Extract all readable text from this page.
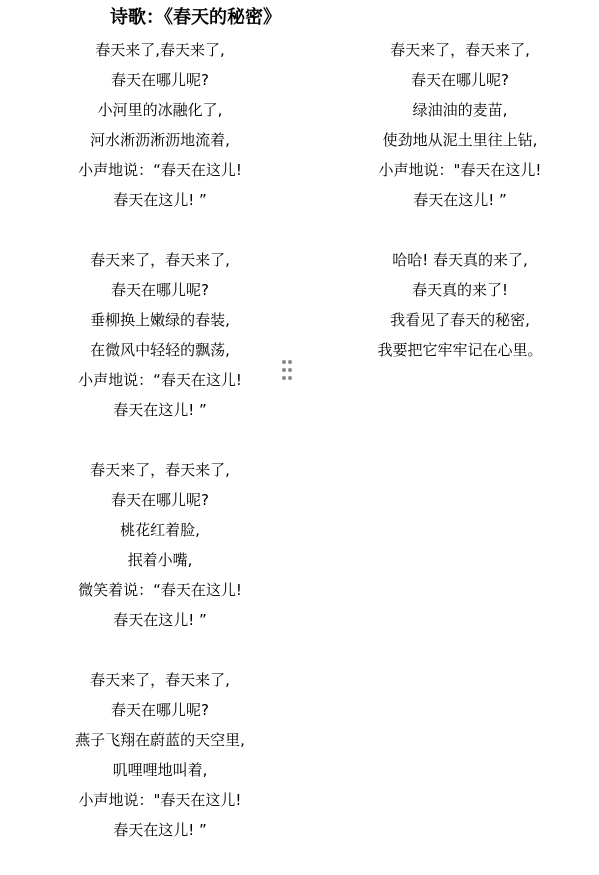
诗歌：《春天的秘密》
春天来了,春天来了,
春天在哪儿呢?
小河里的冰融化了,
河水淅沥淅沥地流着,
小声地说：“春天在这儿!
春天在这儿! ”
春天来了，春天来了,
春天在哪儿呢?
垂柳换上嫩绿的春装,
在微风中轻轻的飘荡,
小声地说：“春天在这儿!
春天在这儿! ”
春天来了，春天来了,
春天在哪儿呢?
桃花红着脸,
抿着小嘴,
微笑着说：“春天在这儿!
春天在这儿! ”
春天来了，春天来了,
春天在哪儿呢?
燕子飞翔在蔚蓝的天空里,
叽哩哩地叫着,
小声地说："春天在这儿!
春天在这儿! ”
春天来了，春天来了,
春天在哪儿呢?
绿油油的麦苗,
使劲地从泥土里往上钻,
小声地说："春天在这儿!
春天在这儿! ”
哈哈! 春天真的来了,
春天真的来了!
我看见了春天的秘密,
我要把它牢牢记在心里。
